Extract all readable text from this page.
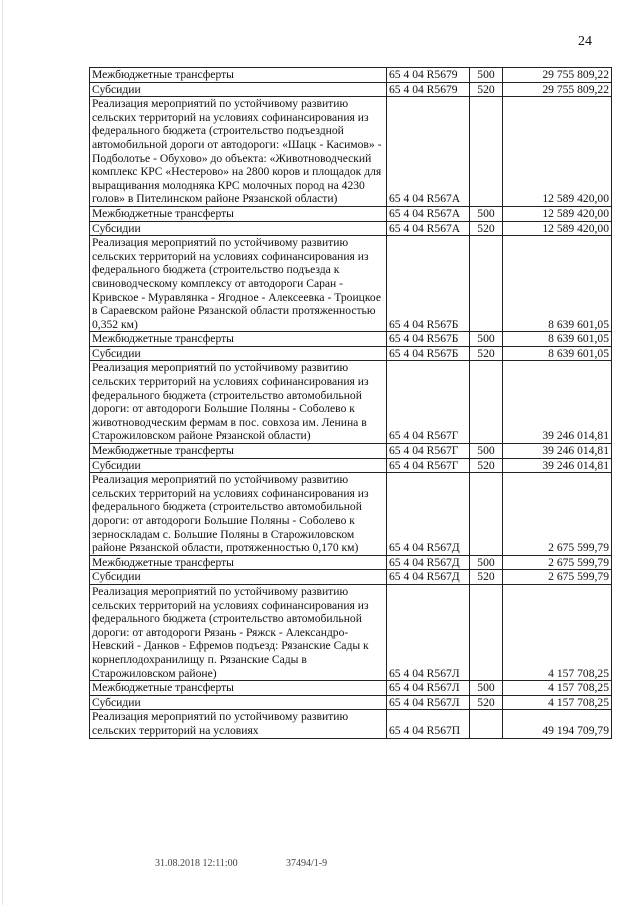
24
Межбюджетные трансферты	65 4 04 R5679	500	29 755 809,22
Субсидии	65 4 04 R5679	520	29 755 809,22
Реализация мероприятий по устойчивому развитию сельских территорий на условиях софинансирования из федерального бюджета (строительство подъездной автомобильной дороги от автодороги: «Шацк - Касимов» - Подболотье - Обухово» до объекта: «Животноводческий комплекс КРС «Нестерово» на 2800 коров и площадок для выращивания молодняка КРС молочных пород на 4230 голов» в Пителинском районе Рязанской области)	65 4 04 R567А		12 589 420,00
Межбюджетные трансферты	65 4 04 R567А	500	12 589 420,00
Субсидии	65 4 04 R567А	520	12 589 420,00
Реализация мероприятий по устойчивому развитию сельских территорий на условиях софинансирования из федерального бюджета (строительство подъезда к свиноводческому комплексу от автодороги Саран - Кривское - Муравлянка - Ягодное - Алексеевка - Троицкое в Сараевском районе Рязанской области протяженностью 0,352 км)	65 4 04 R567Б		8 639 601,05
Межбюджетные трансферты	65 4 04 R567Б	500	8 639 601,05
Субсидии	65 4 04 R567Б	520	8 639 601,05
Реализация мероприятий по устойчивому развитию сельских территорий на условиях софинансирования из федерального бюджета (строительство автомобильной дороги: от автодороги Большие Поляны - Соболево к животноводческим фермам в пос. совхоза им. Ленина в Старожиловском районе Рязанской области)	65 4 04 R567Г		39 246 014,81
Межбюджетные трансферты	65 4 04 R567Г	500	39 246 014,81
Субсидии	65 4 04 R567Г	520	39 246 014,81
Реализация мероприятий по устойчивому развитию сельских территорий на условиях софинансирования из федерального бюджета (строительство автомобильной дороги: от автодороги Большие Поляны - Соболево к зерноскладам с. Большие Поляны в Старожиловском районе Рязанской области, протяженностью 0,170 км)	65 4 04 R567Д		2 675 599,79
Межбюджетные трансферты	65 4 04 R567Д	500	2 675 599,79
Субсидии	65 4 04 R567Д	520	2 675 599,79
Реализация мероприятий по устойчивому развитию сельских территорий на условиях софинансирования из федерального бюджета (строительство автомобильной дороги: от автодороги Рязань - Ряжск - Александро-Невский - Данков - Ефремов подъезд: Рязанские Сады к корнеплодохранилищу п. Рязанские Сады в Старожиловском районе)	65 4 04 R567Л		4 157 708,25
Межбюджетные трансферты	65 4 04 R567Л	500	4 157 708,25
Субсидии	65 4 04 R567Л	520	4 157 708,25
Реализация мероприятий по устойчивому развитию сельских территорий на условиях	65 4 04 R567П		49 194 709,79
31.08.2018 12:11:00	37494/1-9
